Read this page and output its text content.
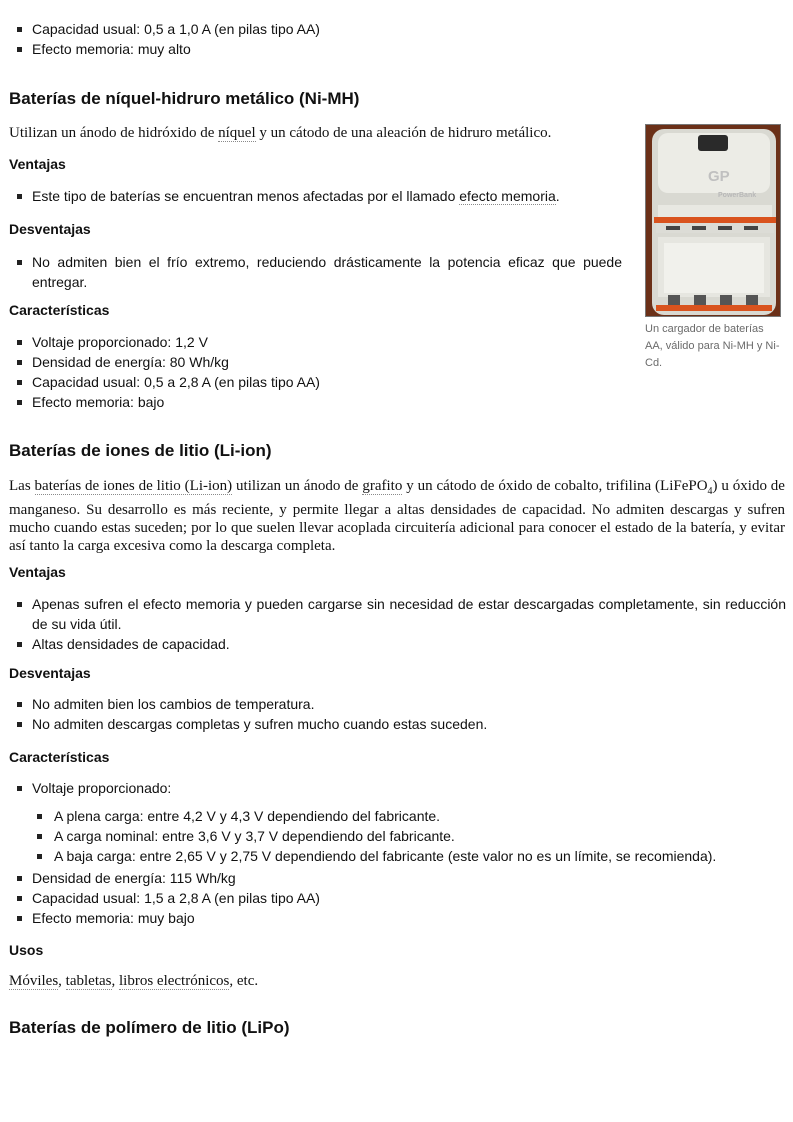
Capacidad usual: 0,5 a 1,0 A (en pilas tipo AA)
Efecto memoria: muy alto
Baterías de níquel-hidruro metálico (Ni-MH)

Utilizan un ánodo de hidróxido de níquel y un cátodo de una aleación de hidruro metálico.

Ventajas
Este tipo de baterías se encuentran menos afectadas por el llamado efecto memoria.
Desventajas
No admiten bien el frío extremo, reduciendo drásticamente la potencia eficaz que puede entregar.
Características
Voltaje proporcionado: 1,2 V
Densidad de energía: 80 Wh/kg
Capacidad usual: 0,5 a 2,8 A (en pilas tipo AA)
Efecto memoria: bajo
GP
PowerBank
Un cargador de baterías AA, válido para Ni-MH y Ni-Cd.
Baterías de iones de litio (Li-ion)

Las baterías de iones de litio (Li-ion) utilizan un ánodo de grafito y un cátodo de óxido de cobalto, trifilina (LiFePO$_4$) u óxido de manganeso. Su desarrollo es más reciente, y permite llegar a altas densidades de capacidad. No admiten descargas y sufren mucho cuando estas suceden; por lo que suelen llevar acoplada circuitería adicional para conocer el estado de la batería, y evitar así tanto la carga excesiva como la descarga completa.

Ventajas
Apenas sufren el efecto memoria y pueden cargarse sin necesidad de estar descargadas completamente, sin reducción de su vida útil.
Altas densidades de capacidad.
Desventajas
No admiten bien los cambios de temperatura.
No admiten descargas completas y sufren mucho cuando estas suceden.
Características
Voltaje proporcionado:
A plena carga: entre 4,2 V y 4,3 V dependiendo del fabricante.
A carga nominal: entre 3,6 V y 3,7 V dependiendo del fabricante.
A baja carga: entre 2,65 V y 2,75 V dependiendo del fabricante (este valor no es un límite, se recomienda).
Densidad de energía: 115 Wh/kg
Capacidad usual: 1,5 a 2,8 A (en pilas tipo AA)
Efecto memoria: muy bajo
Usos

Móviles, tabletas, libros electrónicos, etc.

Baterías de polímero de litio (LiPo)
